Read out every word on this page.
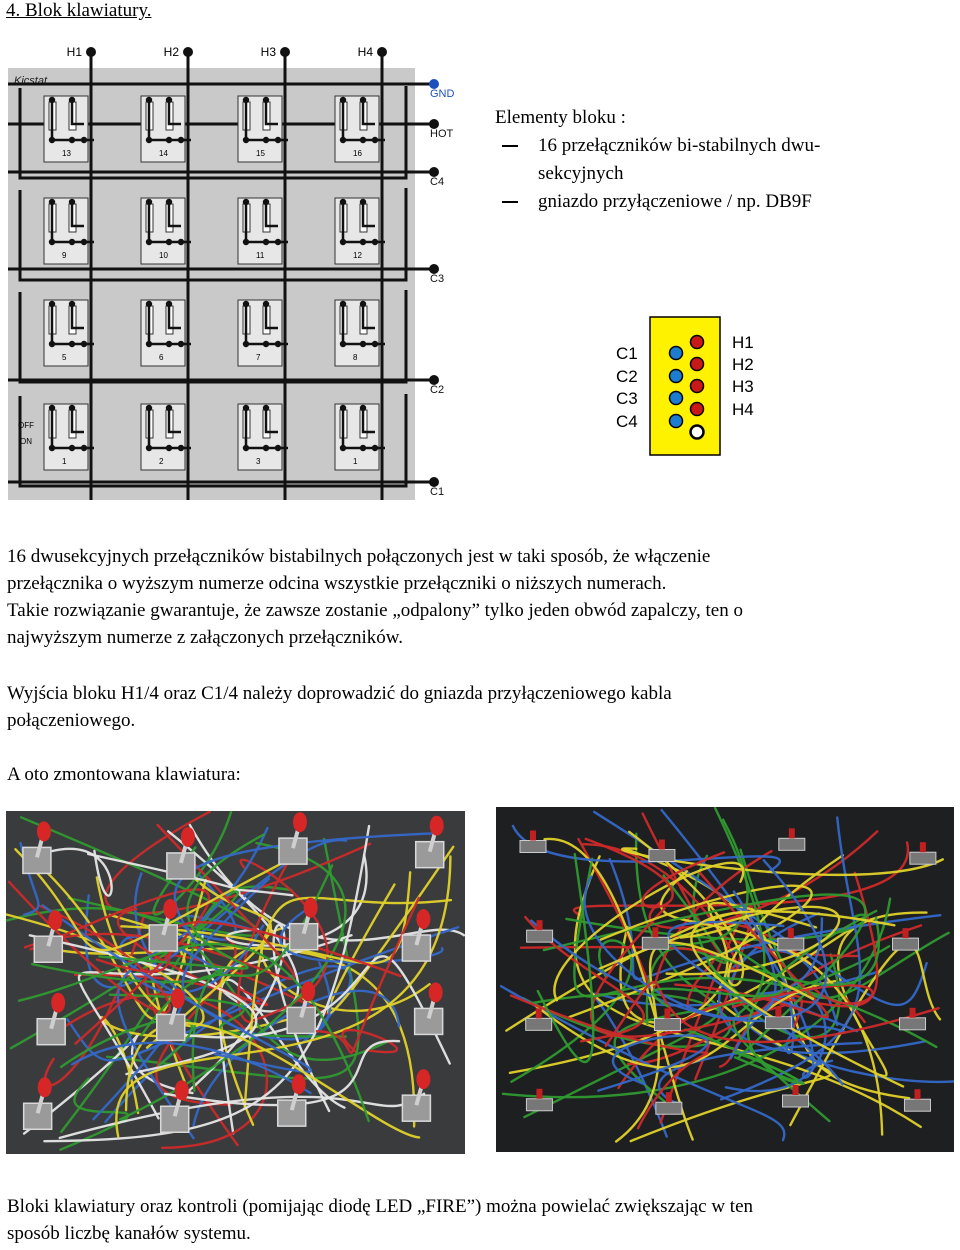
4. Blok klawiatury.
Kicstat
H1	H2	H3	H4
GND
HOT
C4
C3
C2
C1
13	14	15	16
9	10	11	12
5	6	7	8
1	2	3	1
OFF
ON
Elementy bloku :
16 przełączników bi-stabilnych dwu-
sekcyjnych
gniazdo przyłączeniowe / np. DB9F
C1
C2
C3
C4
H1
H2
H3
H4
16 dwusekcyjnych przełączników bistabilnych połączonych jest w taki sposób, że włączenie
przełącznika o wyższym numerze odcina wszystkie przełączniki o niższych numerach.
Takie rozwiązanie gwarantuje, że zawsze zostanie „odpalony” tylko jeden obwód zapalczy, ten o
najwyższym numerze z załączonych przełączników.
Wyjścia bloku H1/4 oraz C1/4 należy doprowadzić do gniazda przyłączeniowego kabla
połączeniowego.
A oto zmontowana klawiatura:
Bloki klawiatury oraz kontroli (pomijając diodę LED „FIRE”) można powielać zwiększając w ten
sposób liczbę kanałów systemu.
